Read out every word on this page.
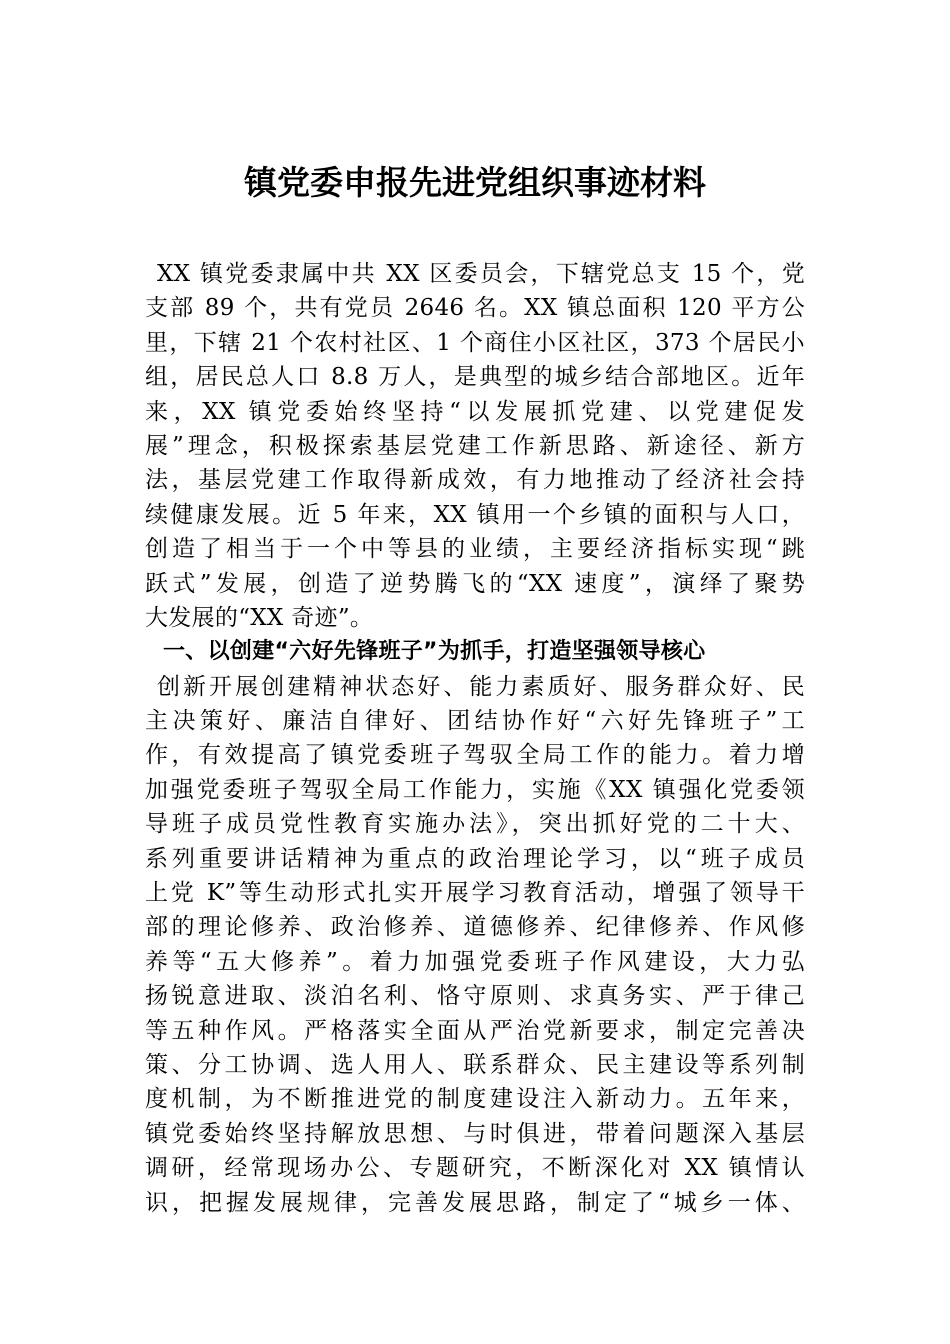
镇党委申报先进党组织事迹材料
XX 镇党委隶属中共 XX 区委员会，下辖党总支 15 个，党
支部 89 个，共有党员 2646 名。XX 镇总面积 120 平方公
里，下辖 21 个农村社区、1 个商住小区社区，373 个居民小
组，居民总人口 8.8 万人，是典型的城乡结合部地区。近年
来，XX 镇党委始终坚持“以发展抓党建、以党建促发
展”理念，积极探索基层党建工作新思路、新途径、新方
法，基层党建工作取得新成效，有力地推动了经济社会持
续健康发展。近 5 年来，XX 镇用一个乡镇的面积与人口，
创造了相当于一个中等县的业绩，主要经济指标实现“跳
跃式”发展，创造了逆势腾飞的“XX 速度”，演绎了聚势
大发展的“XX 奇迹”。
一、以创建“六好先锋班子”为抓手，打造坚强领导核心
创新开展创建精神状态好、能力素质好、服务群众好、民
主决策好、廉洁自律好、团结协作好“六好先锋班子”工
作，有效提高了镇党委班子驾驭全局工作的能力。着力增
加强党委班子驾驭全局工作能力，实施《XX 镇强化党委领
导班子成员党性教育实施办法》，突出抓好党的二十大、
系列重要讲话精神为重点的政治理论学习，以“班子成员
上党 K”等生动形式扎实开展学习教育活动，增强了领导干
部的理论修养、政治修养、道德修养、纪律修养、作风修
养等“五大修养”。着力加强党委班子作风建设，大力弘
扬锐意进取、淡泊名利、恪守原则、求真务实、严于律己
等五种作风。严格落实全面从严治党新要求，制定完善决
策、分工协调、选人用人、联系群众、民主建设等系列制
度机制，为不断推进党的制度建设注入新动力。五年来，
镇党委始终坚持解放思想、与时俱进，带着问题深入基层
调研，经常现场办公、专题研究，不断深化对 XX 镇情认
识，把握发展规律，完善发展思路，制定了“城乡一体、
